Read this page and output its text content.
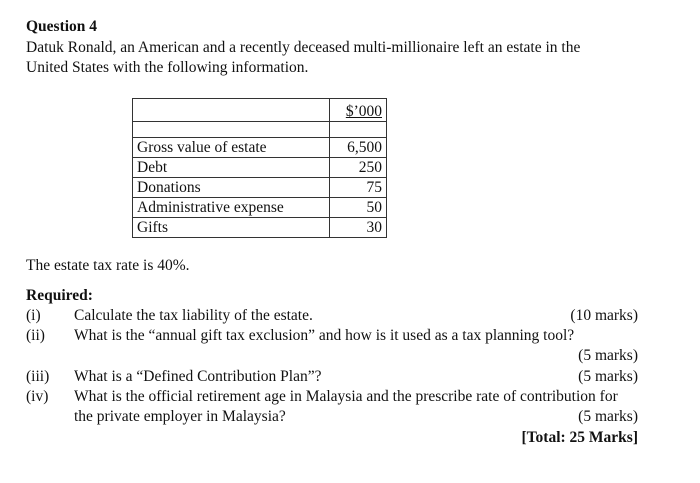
Question 4
Datuk Ronald, an American and a recently deceased multi-millionaire left an estate in the
United States with the following information.
	$’000

Gross value of estate	6,500
Debt	250
Donations	75
Administrative expense	50
Gifts	30
The estate tax rate is 40%.
Required:
(i) Calculate the tax liability of the estate.	(10 marks)
(ii) What is the “annual gift tax exclusion” and how is it used as a tax planning tool?
(5 marks)
(iii) What is a “Defined Contribution Plan”?	(5 marks)
(iv) What is the official retirement age in Malaysia and the prescribe rate of contribution for
the private employer in Malaysia?	(5 marks)
[Total: 25 Marks]
